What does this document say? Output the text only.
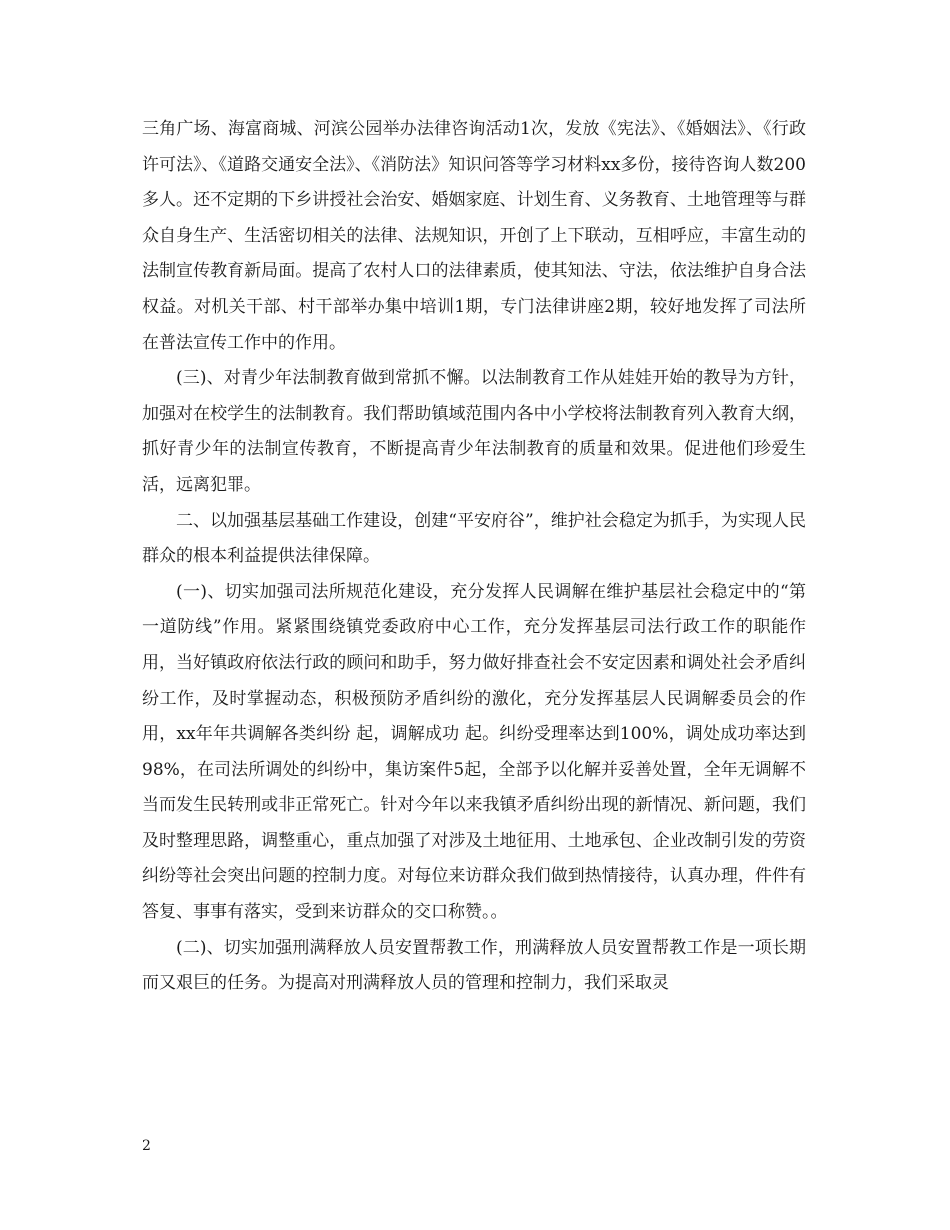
三角广场、海富商城、河滨公园举办法律咨询活动1次，发放《宪法》、《婚姻法》、《行政许可法》、《道路交通安全法》、《消防法》知识问答等学习材料xx多份，接待咨询人数200多人。还不定期的下乡讲授社会治安、婚姻家庭、计划生育、义务教育、土地管理等与群众自身生产、生活密切相关的法律、法规知识，开创了上下联动，互相呼应，丰富生动的法制宣传教育新局面。提高了农村人口的法律素质，使其知法、守法，依法维护自身合法权益。对机关干部、村干部举办集中培训1期，专门法律讲座2期，较好地发挥了司法所在普法宣传工作中的作用。

(三)、对青少年法制教育做到常抓不懈。以法制教育工作从娃娃开始的教导为方针，加强对在校学生的法制教育。我们帮助镇域范围内各中小学校将法制教育列入教育大纲，抓好青少年的法制宣传教育，不断提高青少年法制教育的质量和效果。促进他们珍爱生活，远离犯罪。

二、以加强基层基础工作建设，创建“平安府谷”，维护社会稳定为抓手，为实现人民群众的根本利益提供法律保障。

(一)、切实加强司法所规范化建设，充分发挥人民调解在维护基层社会稳定中的“第一道防线”作用。紧紧围绕镇党委政府中心工作，充分发挥基层司法行政工作的职能作用，当好镇政府依法行政的顾问和助手，努力做好排查社会不安定因素和调处社会矛盾纠纷工作，及时掌握动态，积极预防矛盾纠纷的激化，充分发挥基层人民调解委员会的作用，xx年年共调解各类纠纷 起，调解成功 起。纠纷受理率达到100%，调处成功率达到98%，在司法所调处的纠纷中，集访案件5起，全部予以化解并妥善处置，全年无调解不当而发生民转刑或非正常死亡。针对今年以来我镇矛盾纠纷出现的新情况、新问题，我们及时整理思路，调整重心，重点加强了对涉及土地征用、土地承包、企业改制引发的劳资纠纷等社会突出问题的控制力度。对每位来访群众我们做到热情接待，认真办理，件件有答复、事事有落实，受到来访群众的交口称赞。。

(二)、切实加强刑满释放人员安置帮教工作，刑满释放人员安置帮教工作是一项长期而又艰巨的任务。为提高对刑满释放人员的管理和控制力，我们采取灵

2
